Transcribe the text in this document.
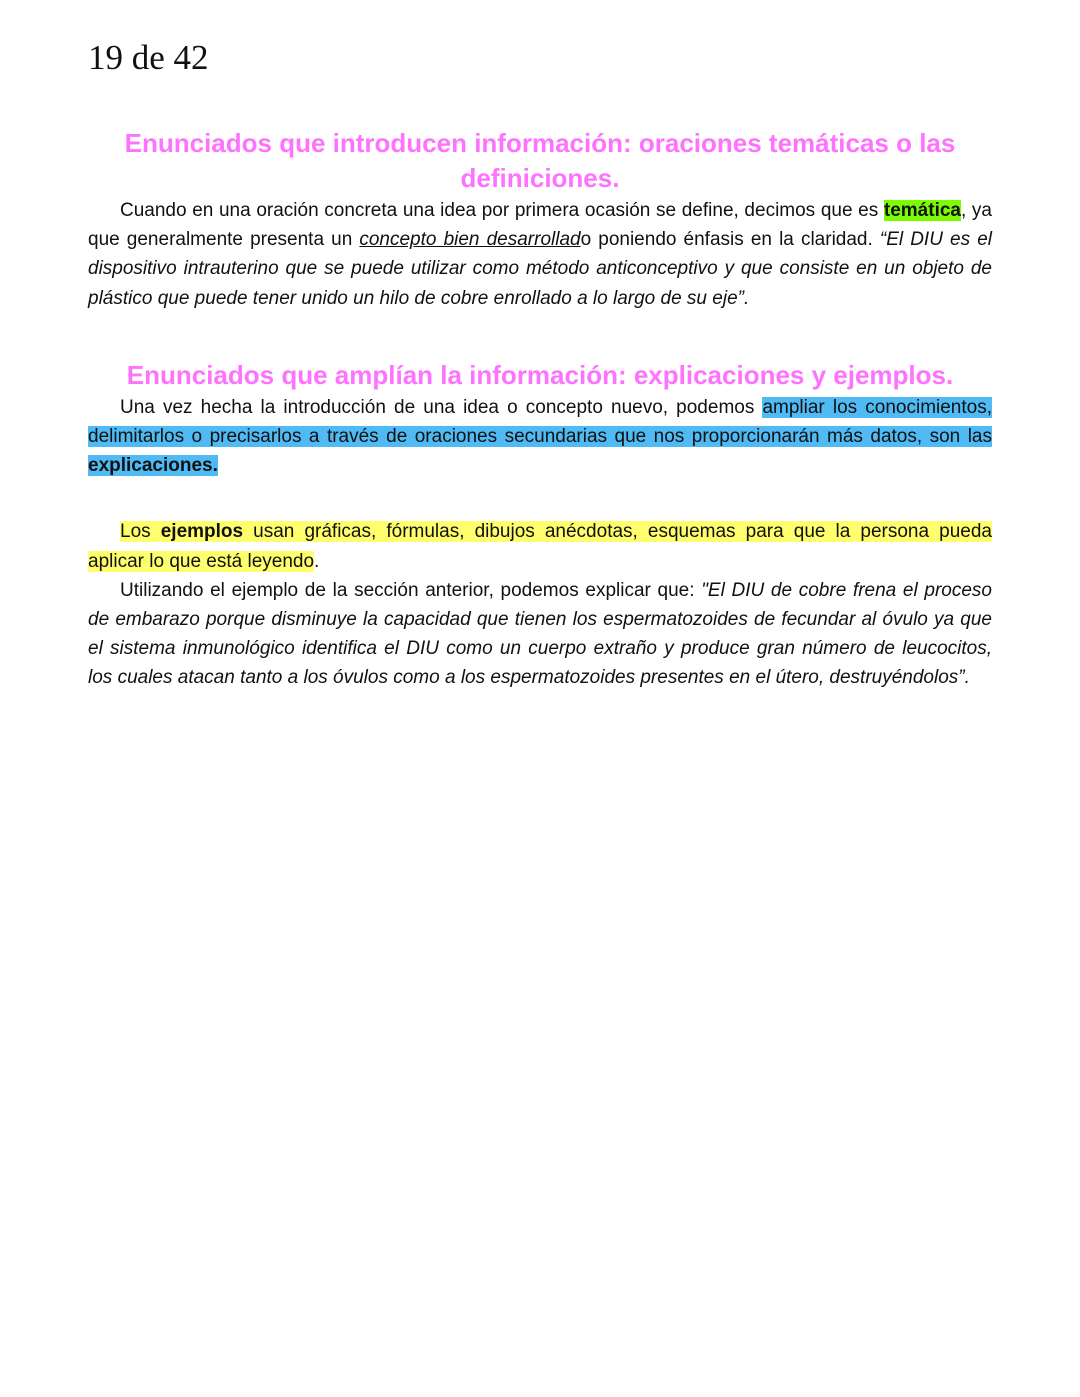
19 de 42
Enunciados que introducen información: oraciones temáticas o las definiciones.

Cuando en una oración concreta una idea por primera ocasión se define, decimos que es temática, ya que generalmente presenta un concepto bien desarrollado poniendo énfasis en la claridad. “El DIU es el dispositivo intrauterino que se puede utilizar como método anticonceptivo y que consiste en un objeto de plástico que puede tener unido un hilo de cobre enrollado a lo largo de su eje”.

Enunciados que amplían la información: explicaciones y ejemplos.

Una vez hecha la introducción de una idea o concepto nuevo, podemos ampliar los conocimientos, delimitarlos o precisarlos a través de oraciones secundarias que nos proporcionarán más datos, son las explicaciones.

Los ejemplos usan gráficas, fórmulas, dibujos anécdotas, esquemas para que la persona pueda aplicar lo que está leyendo.

Utilizando el ejemplo de la sección anterior, podemos explicar que: "El DIU de cobre frena el proceso de embarazo porque disminuye la capacidad que tienen los espermatozoides de fecundar al óvulo ya que el sistema inmunológico identifica el DIU como un cuerpo extraño y produce gran número de leucocitos, los cuales atacan tanto a los óvulos como a los espermatozoides presentes en el útero, destruyéndolos”.
